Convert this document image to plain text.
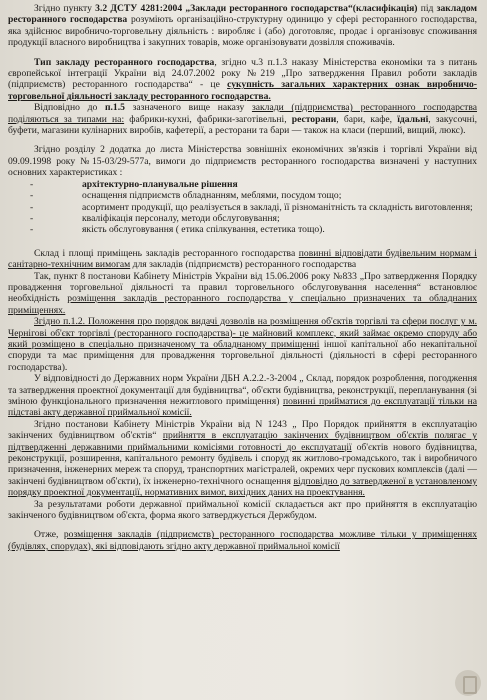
Згідно пункту 3.2 ДСТУ 4281:2004 „Заклади ресторанного господарства“(класифікація) під закладом ресторанного господарства розуміють організаційно-структурну одиницю у сфері ресторанного господарства, яка здійснює виробничо-торговельну діяльність : виробляє і (або) доготовляє, продає і організовує споживання продукції власного виробництва і закупних товарів, може організовувати дозвілля споживачів.

Тип закладу ресторанного господарства, згідно ч.3 п.1.3 наказу Міністерства економіки та з питань європейської інтеграції України від 24.07.2002 року №219 „Про затвердження Правил роботи закладів (підприємств) ресторанного господарства“ - це сукупність загальних характерних ознак виробничо-торговельної діяльності закладу ресторанного господарства.

Відповідно до п.1.5 зазначеного вище наказу заклади (підприємства) ресторанного господарства поділяються за типами на: фабрики-кухні, фабрики-заготівельні, ресторани, бари, кафе, їдальні, закусочні, буфети, магазини кулінарних виробів, кафетерії, а ресторани та бари — також на класи (перший, вищий, люкс).

Згідно розділу 2 додатка до листа Міністерства зовнішніх економічних зв'язків і торгівлі України від 09.09.1998 року №15-03/29-577а, вимоги до підприємств ресторанного господарства визначені у наступних основних характеристиках :

- архітектурно-планувальне рішення
- оснащення підприємств обладнанням, меблями, посудом тощо;
- асортимент продукції, що реалізується в закладі, її різноманітність та складність виготовлення;
- кваліфікація персоналу, методи обслуговування;
- якість обслуговування ( етика спілкування, естетика тощо).

Склад і площі приміщень закладів ресторанного господарства повинні відповідати будівельним нормам і санітарно-технічним вимогам для закладів (підприємств) ресторанного господарства

Так, пункт 8 постанови Кабінету Міністрів України від 15.06.2006 року №833 „Про затвердження Порядку провадження торговельної діяльності та правил торговельного обслуговування населення“ встановлює необхідність розміщення закладів ресторанного господарства у спеціально призначених та обладнаних приміщеннях.

Згідно п.1.2. Положення про порядок видачі дозволів на розміщення об'єктів торгівлі та сфери послуг у м. Чернігові об'єкт торгівлі (ресторанного господарства)- це майновий комплекс, який займає окремо споруду або який розміщено в спеціально призначеному та обладнаному приміщенні іншої капітальної або некапітальної споруди та має приміщення для провадження торговельної діяльності (діяльності в сфері ресторанного господарства).

У відповідності до Державних норм України ДБН А.2.2.-3-2004 „ Склад, порядок розроблення, погодження та затвердження проектної документації для будівництва“, об'єкти будівництва, реконструкції, перепланування (зі зміною функціонального призначення нежитлового приміщення) повинні прийматися до експлуатації тільки на підставі акту державної приймальної комісії.

Згідно постанови Кабінету Міністрів України від N 1243 „ Про Порядок прийняття в експлуатацію закінчених будівництвом об'єктів“ прийняття в експлуатацію закінчених будівництвом об'єктів полягає у підтвердженні державними приймальними комісіями готовності до експлуатації об'єктів нового будівництва, реконструкції, розширення, капітального ремонту будівель і споруд як житлово-громадського, так і виробничого призначення, інженерних мереж та споруд, транспортних магістралей, окремих черг пускових комплексів (далі — закінчені будівництвом об'єкти), їх інженерно-технічного оснащення відповідно до затвердженої в установленому порядку проектної документації, нормативних вимог, вихідних даних на проектування.

За результатами роботи державної приймальної комісії складається акт про прийняття в експлуатацію закінченого будівництвом об'єкта, форма якого затверджується Держбудом.

Отже, розміщення закладів (підприємств) ресторанного господарства можливе тільки у приміщеннях (будівлях, спорудах), які відповідають згідно акту державної приймальної комісії
